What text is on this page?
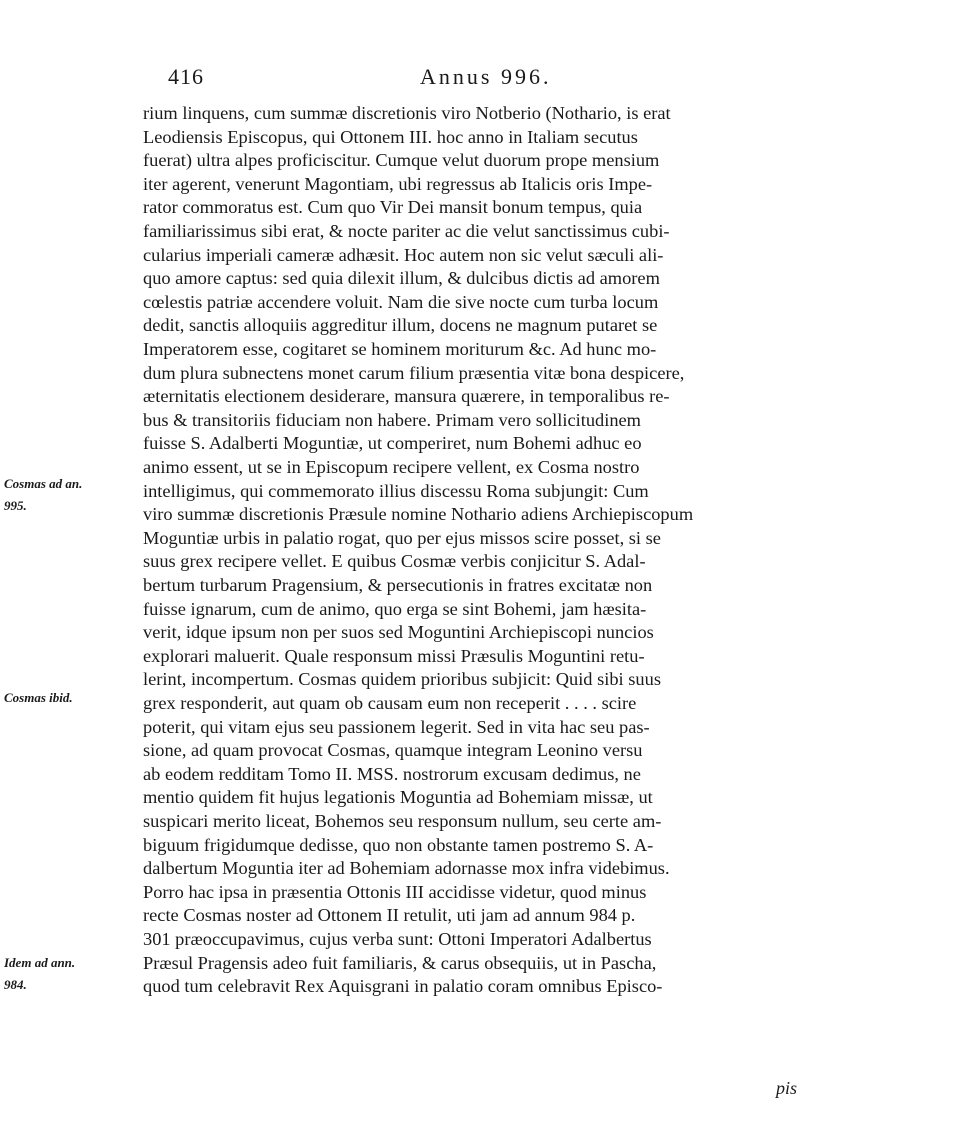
416	Annus 996.
rium linquens, cum summæ discretionis viro Notberio (Nothario, is erat
Leodiensis Episcopus, qui Ottonem III. hoc anno in Italiam secutus
fuerat) ultra alpes proficiscitur. Cumque velut duorum prope mensium
iter agerent, venerunt Magontiam, ubi regressus ab Italicis oris Impe-
rator commoratus est. Cum quo Vir Dei mansit bonum tempus, quia
familiarissimus sibi erat, & nocte pariter ac die velut sanctissimus cubi-
cularius imperiali cameræ adhæsit. Hoc autem non sic velut sæculi ali-
quo amore captus: sed quia dilexit illum, & dulcibus dictis ad amorem
cœlestis patriæ accendere voluit. Nam die sive nocte cum turba locum
dedit, sanctis alloquiis aggreditur illum, docens ne magnum putaret se
Imperatorem esse, cogitaret se hominem moriturum &c. Ad hunc mo-
dum plura subnectens monet carum filium præsentia vitæ bona despicere,
æternitatis electionem desiderare, mansura quærere, in temporalibus re-
bus & transitoriis fiduciam non habere. Primam vero sollicitudinem
fuisse S. Adalberti Moguntiæ, ut comperiret, num Bohemi adhuc eo
animo essent, ut se in Episcopum recipere vellent, ex Cosma nostro
intelligimus, qui commemorato illius discessu Roma subjungit: Cum
viro summæ discretionis Præsule nomine Nothario adiens Archiepiscopum
Moguntiæ urbis in palatio rogat, quo per ejus missos scire posset, si se
suus grex recipere vellet. E quibus Cosmæ verbis conjicitur S. Adal-
bertum turbarum Pragensium, & persecutionis in fratres excitatæ non
fuisse ignarum, cum de animo, quo erga se sint Bohemi, jam hæsita-
verit, idque ipsum non per suos sed Moguntini Archiepiscopi nuncios
explorari maluerit. Quale responsum missi Præsulis Moguntini retu-
lerint, incompertum. Cosmas quidem prioribus subjicit: Quid sibi suus
grex responderit, aut quam ob causam eum non receperit . . . . scire
poterit, qui vitam ejus seu passionem legerit. Sed in vita hac seu pas-
sione, ad quam provocat Cosmas, quamque integram Leonino versu
ab eodem redditam Tomo II. MSS. nostrorum excusam dedimus, ne
mentio quidem fit hujus legationis Moguntia ad Bohemiam missæ, ut
suspicari merito liceat, Bohemos seu responsum nullum, seu certe am-
biguum frigidumque dedisse, quo non obstante tamen postremo S. A-
dalbertum Moguntia iter ad Bohemiam adornasse mox infra videbimus.
Porro hac ipsa in præsentia Ottonis III accidisse videtur, quod minus
recte Cosmas noster ad Ottonem II retulit, uti jam ad annum 984 p.
301 præoccupavimus, cujus verba sunt: Ottoni Imperatori Adalbertus
Præsul Pragensis adeo fuit familiaris, & carus obsequiis, ut in Pascha,
quod tum celebravit Rex Aquisgrani in palatio coram omnibus Episco-
Cosmas ad an.
995.
Cosmas ibid.
Idem ad ann.
984.
pis
